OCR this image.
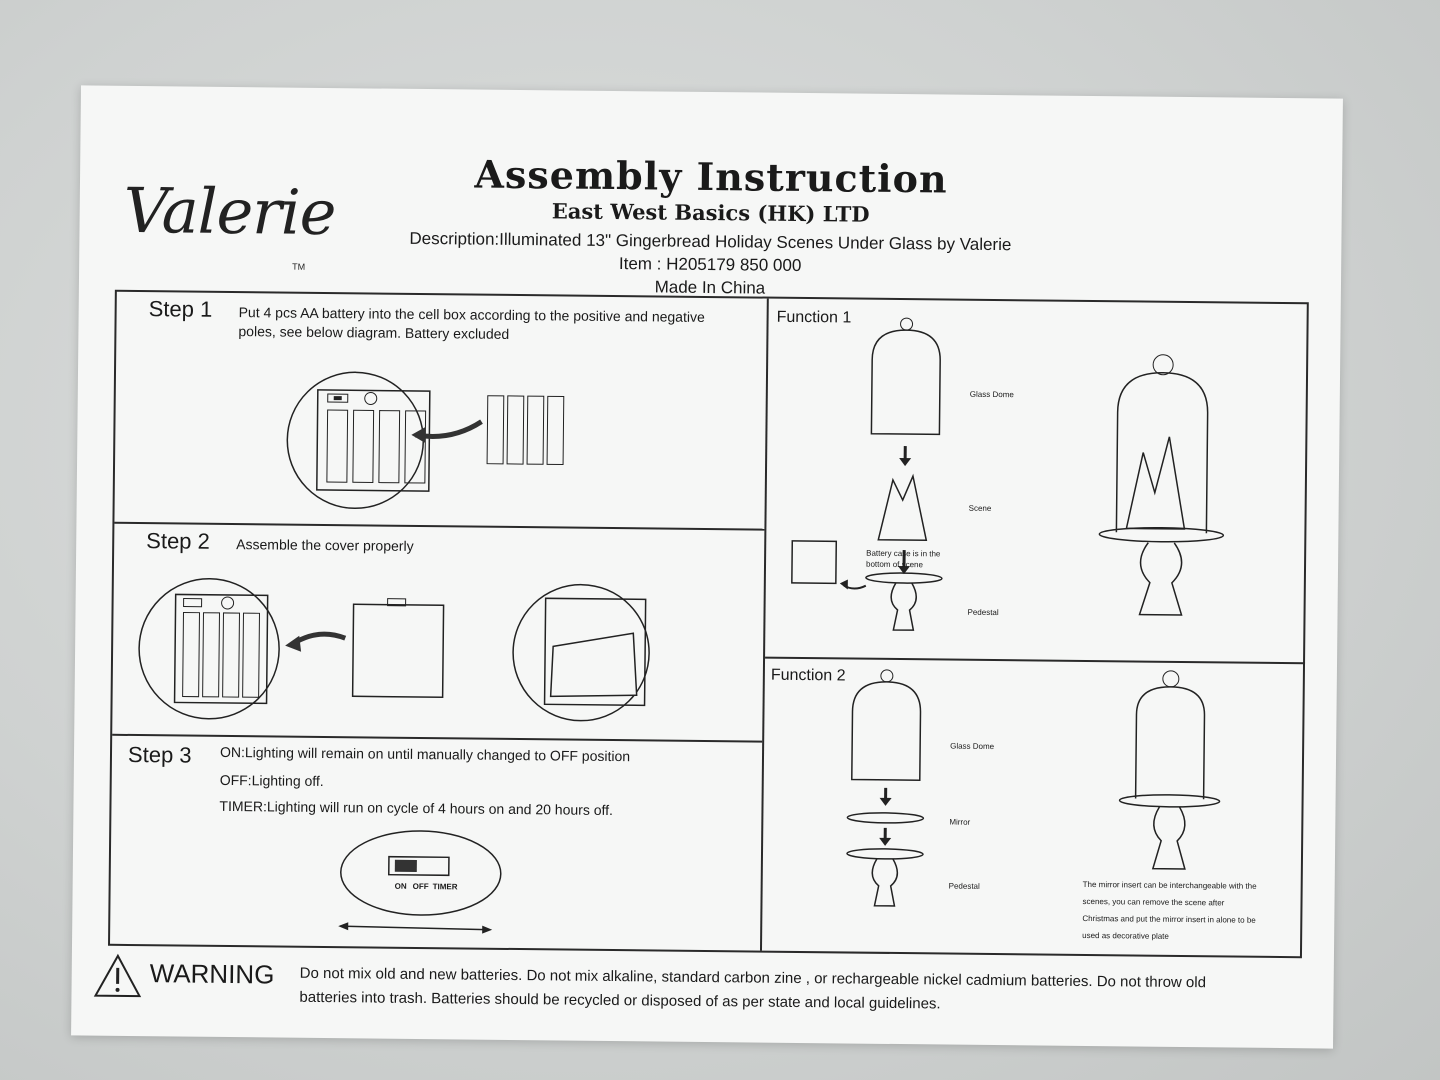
Valerie
TM
Assembly Instruction
East West Basics (HK) LTD
Description:Illuminated 13" Gingerbread Holiday Scenes Under Glass by Valerie
Item : H205179 850 000
Made In China
Step 1 Put 4 pcs AA battery into the cell box according to the positive and negative poles, see below diagram. Battery excluded
Step 2 Assemble the cover properly
Step 3 ON:Lighting will remain on until manually changed to OFF position
OFF:Lighting off.
TIMER:Lighting will run on cycle of 4 hours on and 20 hours off.
ON OFF TIMER
Function 1
Glass Dome
Scene
Pedestal
Battery case is in the bottom of scene
Function 2
Glass Dome
Mirror
Pedestal	The mirror insert can be interchangeable with the scenes, you can remove the scene after Christmas and put the mirror insert in alone to be used as decorative plate
WARNING Do not mix old and new batteries. Do not mix alkaline, standard carbon zine , or rechargeable nickel cadmium batteries. Do not throw old batteries into trash. Batteries should be recycled or disposed of as per state and local guidelines.
